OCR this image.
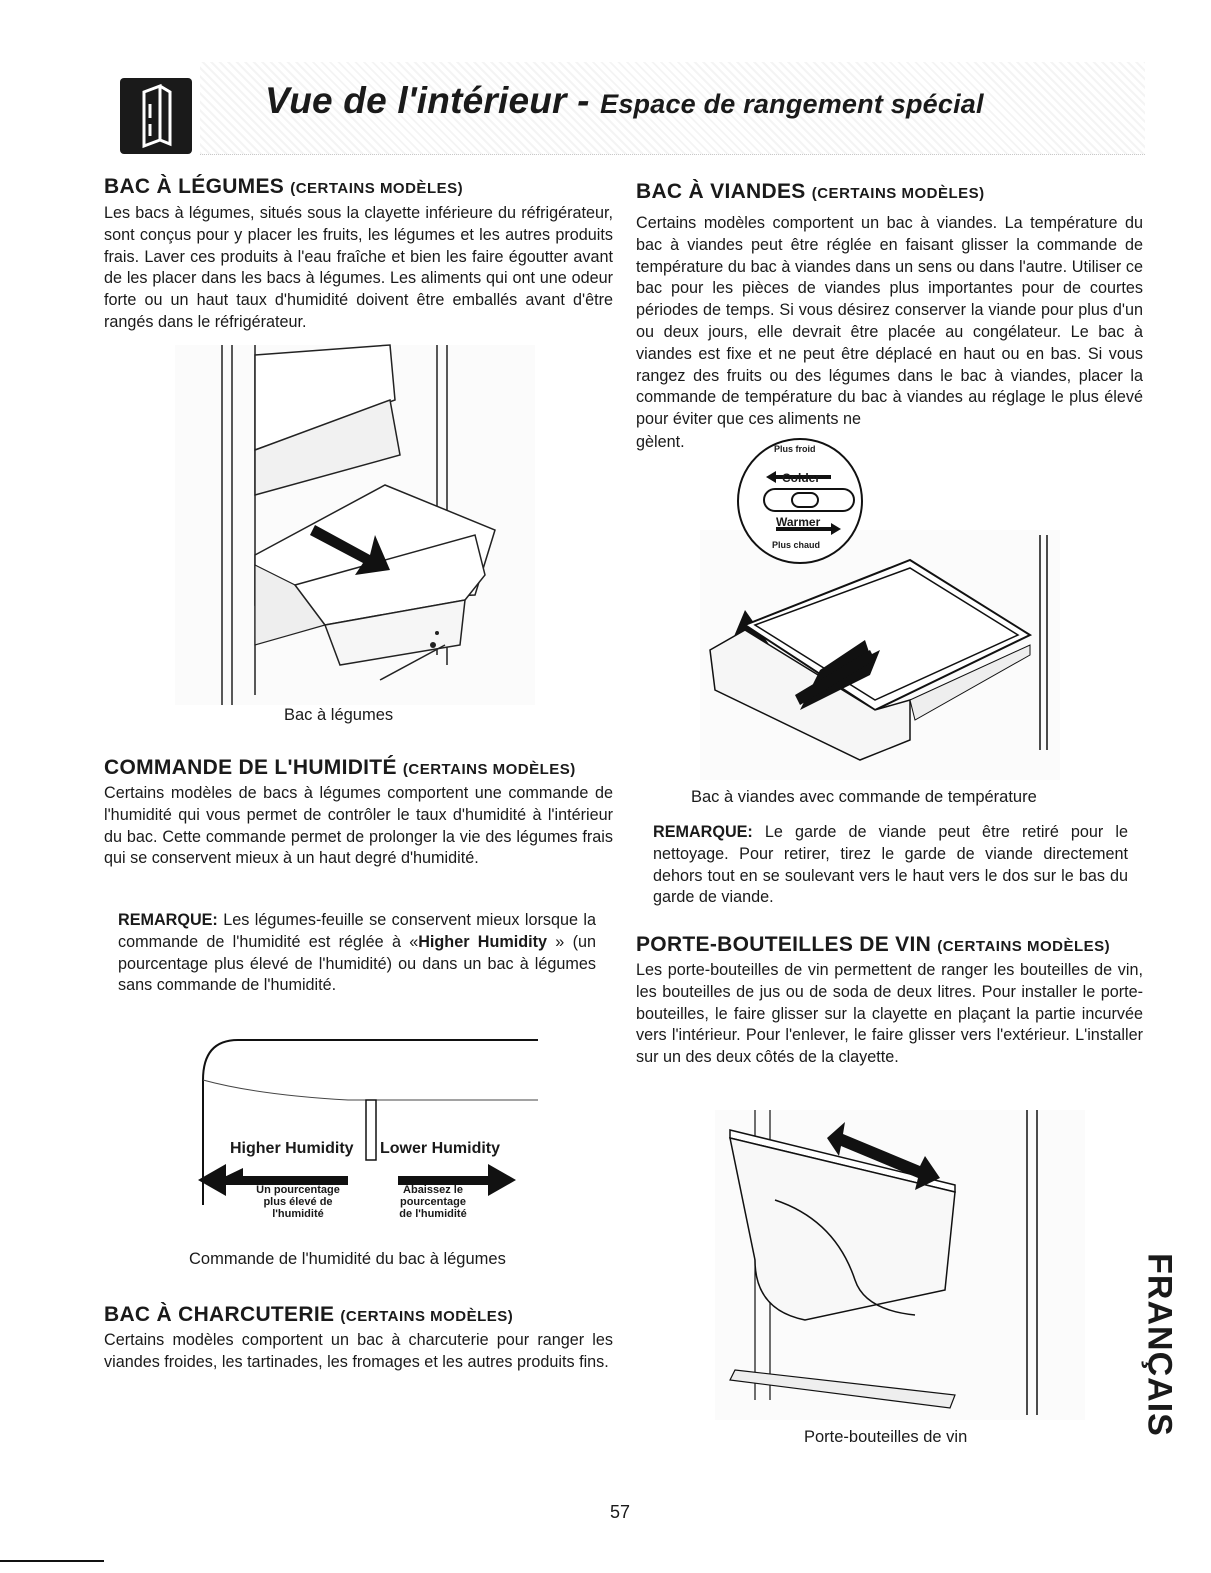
Vue de l'intérieur - Espace de rangement spécial
BAC À LÉGUMES (CERTAINS MODÈLES)

Les bacs à légumes, situés sous la clayette inférieure du réfrigérateur, sont conçus pour y placer les fruits, les légumes et les autres produits frais. Laver ces produits à l'eau fraîche et bien les faire égoutter avant de les placer dans les bacs à légumes. Les aliments qui ont une odeur forte ou un haut taux d'humidité doivent être emballés avant d'être rangés dans le réfrigérateur.

Bac à légumes
COMMANDE DE L'HUMIDITÉ (CERTAINS MODÈLES)

Certains modèles de bacs à légumes comportent une commande de l'humidité qui vous permet de contrôler le taux d'humidité à l'intérieur du bac. Cette commande permet de prolonger la vie des légumes frais qui se conservent mieux à un haut degré d'humidité.

REMARQUE: Les légumes-feuille se conservent mieux lorsque la commande de l'humidité est réglée à «Higher Humidity » (un pourcentage plus élevé de l'humidité) ou dans un bac à légumes sans commande de l'humidité.
Higher Humidity Lower Humidity
Un pourcentage
plus élevé de
l'humidité
Abaissez le
pourcentage
de l'humidité
Commande de l'humidité du bac à légumes
BAC À CHARCUTERIE (CERTAINS MODÈLES)

Certains modèles comportent un bac à charcuterie pour ranger les viandes froides, les tartinades, les fromages et les autres produits fins.

BAC À VIANDES (CERTAINS MODÈLES)

Certains modèles comportent un bac à viandes. La température du bac à viandes peut être réglée en faisant glisser la commande de température du bac à viandes dans un sens ou dans l'autre. Utiliser ce bac pour les pièces de viandes plus importantes pour de courtes périodes de temps. Si vous désirez conserver la viande pour plus d'un ou deux jours, elle devrait être placée au congélateur. Le bac à viandes est fixe et ne peut être déplacé en haut ou en bas. Si vous rangez des fruits ou des légumes dans le bac à viandes, placer la commande de température du bac à viandes au réglage le plus élevé pour éviter que ces aliments ne

gèlent.	Plus froid
Colder
Warmer
Plus chaud
Bac à viandes avec commande de température
REMARQUE: Le garde de viande peut être retiré pour le nettoyage. Pour retirer, tirez le garde de viande directement dehors tout en se soulevant vers le haut vers le dos sur le bas du garde de viande.
PORTE-BOUTEILLES DE VIN (CERTAINS MODÈLES)

Les porte-bouteilles de vin permettent de ranger les bouteilles de vin, les bouteilles de jus ou de soda de deux litres. Pour installer le porte-bouteilles, le faire glisser sur la clayette en plaçant la partie incurvée vers l'intérieur. Pour l'enlever, le faire glisser vers l'extérieur. L'installer sur un des deux côtés de la clayette.

Porte-bouteilles de vin
FRANÇAIS
57
